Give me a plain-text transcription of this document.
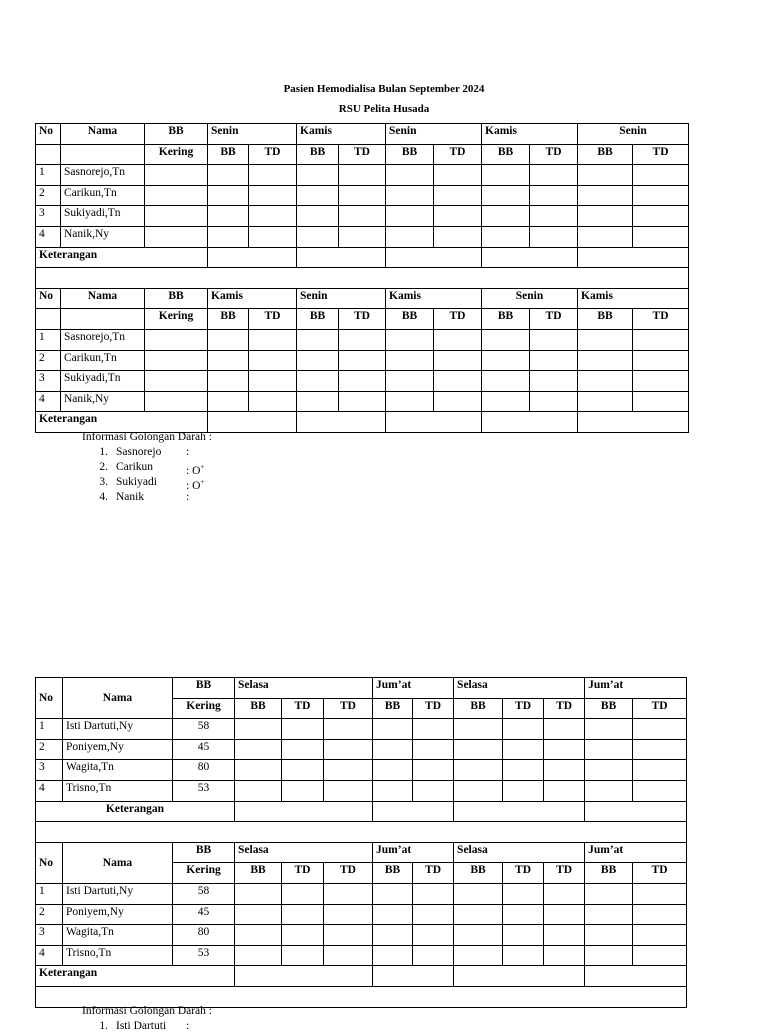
Pasien Hemodialisa Bulan September 2024
RSU Pelita Husada
No	Nama	BB	Senin		Kamis		Senin		Kamis		Senin	
		Kering	BB	TD	BB	TD	BB	TD	BB	TD	BB	TD
1	Sasnorejo,Tn											
2	Carikun,Tn											
3	Sukiyadi,Tn											
4	Nanik,Ny											
Keterangan												

No	Nama	BB	Kamis		Senin		Kamis		Senin		Kamis	
		Kering	BB	TD	BB	TD	BB	TD	BB	TD	BB	TD
1	Sasnorejo,Tn											
2	Carikun,Tn											
3	Sukiyadi,Tn											
4	Nanik,Ny											
Keterangan												
Informasi Golongan Darah :
1. Sasnorejo :
2. Carikun	: O+
3. Sukiyadi	: O+
4. Nanik	:
No	Nama	BB	Selasa			Jum’at		Selasa			Jum’at	
		Kering	BB	TD	TD	BB	TD	BB	TD	TD	BB	TD
1	Isti Dartuti,Ny	58										
2	Poniyem,Ny	45										
3	Wagita,Tn	80										
4	Trisno,Tn	53										
Keterangan												

No	Nama	BB	Selasa			Jum’at		Selasa			Jum’at	
		Kering	BB	TD	TD	BB	TD	BB	TD	TD	BB	TD
1	Isti Dartuti,Ny	58										
2	Poniyem,Ny	45										
3	Wagita,Tn	80										
4	Trisno,Tn	53										
Keterangan												

Informasi Golongan Darah :
1. Isti Dartuti :
